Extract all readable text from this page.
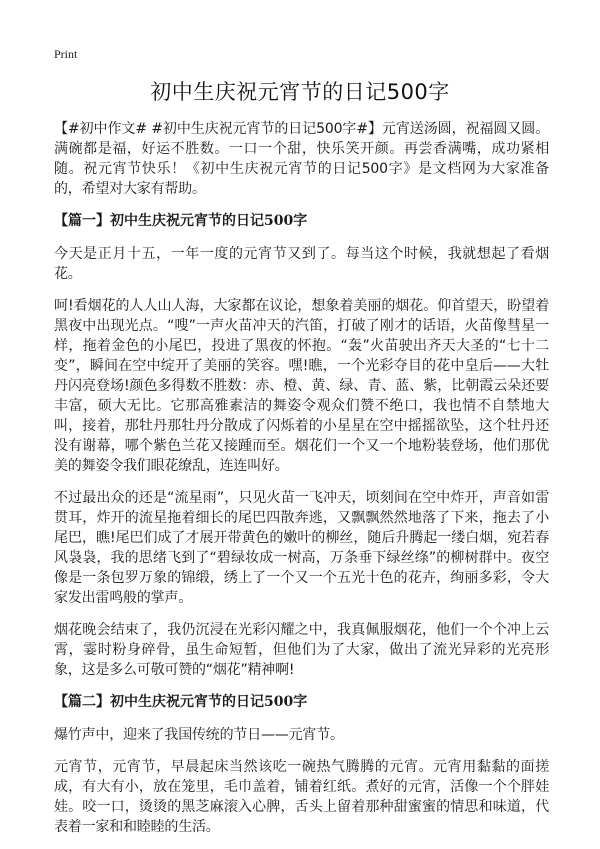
Print
初中生庆祝元宵节的日记500字

【#初中作文# #初中生庆祝元宵节的日记500字#】元宵送汤圆，祝福圆又圆。满碗都是福，好运不胜数。一口一个甜，快乐笑开颜。再尝香满嘴，成功紧相随。祝元宵节快乐！《初中生庆祝元宵节的日记500字》是文档网为大家准备的，希望对大家有帮助。

【篇一】初中生庆祝元宵节的日记500字

今天是正月十五，一年一度的元宵节又到了。每当这个时候，我就想起了看烟花。

呵!看烟花的人人山人海，大家都在议论，想象着美丽的烟花。仰首望天，盼望着黑夜中出现光点。“嗖”一声火苗冲天的汽笛，打破了刚才的话语，火苗像彗星一样，拖着金色的小尾巴，投进了黑夜的怀抱。“轰”火苗驶出齐天大圣的“七十二变”，瞬间在空中绽开了美丽的笑容。嘿!瞧，一个光彩夺目的花中皇后——大牡丹闪亮登场!颜色多得数不胜数：赤、橙、黄、绿、青、蓝、紫，比朝霞云朵还要丰富，硕大无比。它那高雅素洁的舞姿令观众们赞不绝口，我也情不自禁地大叫，接着，那牡丹那牡丹分散成了闪烁着的小星星在空中摇摇欲坠，这个牡丹还没有谢幕，哪个紫色兰花又接踵而至。烟花们一个又一个地粉装登场，他们那优美的舞姿令我们眼花缭乱，连连叫好。

不过最出众的还是“流星雨”，只见火苗一飞冲天，顷刻间在空中炸开，声音如雷贯耳，炸开的流星拖着细长的尾巴四散奔逃，又飘飘然然地落了下来，拖去了小尾巴，瞧!尾巴们成了才展开带黄色的嫩叶的柳丝，随后升腾起一缕白烟，宛若春风袅袅，我的思绪飞到了“碧绿妆成一树高，万条垂下绿丝绦”的柳树群中。夜空像是一条包罗万象的锦缎，绣上了一个又一个五光十色的花卉，绚丽多彩，令大家发出雷鸣般的掌声。

烟花晚会结束了，我仍沉浸在光彩闪耀之中，我真佩服烟花，他们一个个冲上云霄，霎时粉身碎骨，虽生命短暂，但他们为了大家，做出了流光异彩的光亮形象，这是多么可敬可赞的“烟花”精神啊!

【篇二】初中生庆祝元宵节的日记500字

爆竹声中，迎来了我国传统的节日——元宵节。

元宵节，元宵节，早晨起床当然该吃一碗热气腾腾的元宵。元宵用黏黏的面搓成，有大有小，放在笼里，毛巾盖着，铺着红纸。煮好的元宵，活像一个个胖娃娃。咬一口，烫烫的黑芝麻滚入心脾，舌头上留着那种甜蜜蜜的情思和味道，代表着一家和和睦睦的生活。
